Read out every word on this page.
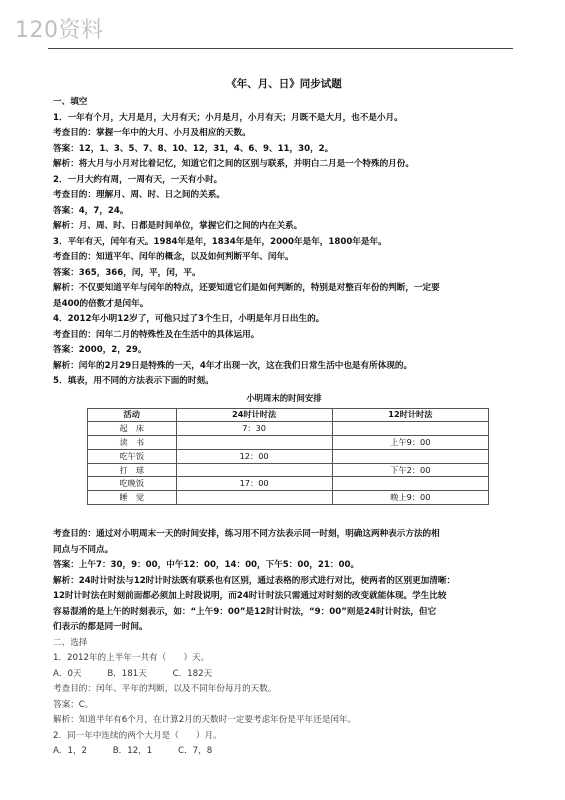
120资料
《年、月、日》同步试题
一、填空
1．一年有个月，大月是月，大月有天；小月是月，小月有天；月既不是大月，也不是小月。
考查目的：掌握一年中的大月、小月及相应的天数。
答案：12，1、3、5、7、8、10、12，31，4、6、9、11，30，2。
解析：将大月与小月对比着记忆，知道它们之间的区别与联系，并明白二月是一个特殊的月份。
2．一月大约有周，一周有天，一天有小时。
考查目的：理解月、周、时、日之间的关系。
答案：4，7，24。
解析：月、周、时、日都是时间单位，掌握它们之间的内在关系。
3．平年有天，闰年有天。1984年是年，1834年是年，2000年是年，1800年是年。
考查目的：知道平年、闰年的概念，以及如何判断平年、闰年。
答案：365，366，闰，平，闰，平。
解析：不仅要知道平年与闰年的特点，还要知道它们是如何判断的，特别是对整百年份的判断，一定要
是400的倍数才是闰年。
4．2012年小明12岁了，可他只过了3个生日，小明是年月日出生的。
考查目的：闰年二月的特殊性及在生活中的具体运用。
答案：2000，2，29。
解析：闰年的2月29日是特殊的一天，4年才出现一次，这在我们日常生活中也是有所体现的。
5．填表，用不同的方法表示下面的时刻。
小明周末的时间安排
活动	24时计时法	12时计时法
起　床	7：30	
读　书		上午9：00
吃午饭	12：00	
打　球		下午2：00
吃晚饭	17：00	
睡　觉		晚上9：00
考查目的：通过对小明周末一天的时间安排，练习用不同方法表示同一时刻，明确这两种表示方法的相
同点与不同点。
答案：上午7：30，9：00，中午12：00，14：00，下午5：00，21：00。
解析：24时计时法与12时计时法既有联系也有区别，通过表格的形式进行对比，使两者的区别更加清晰：
12时计时法在时刻前面都必须加上时段说明，而24时计时法只需通过对时刻的改变就能体现。学生比较
容易混淆的是上午的时刻表示，如：“上午9：00”是12时计时法，“9：00”则是24时计时法，但它
们表示的都是同一时间。
二、选择
1．2012年的上半年一共有（　　）天。
A．0天　　　B．181天　　　C．182天
考查目的：闰年、平年的判断，以及不同年份每月的天数。
答案：C。
解析：知道半年有6个月，在计算2月的天数时一定要考虑年份是平年还是闰年。
2．同一年中连续的两个大月是（　　）月。
A．1，2　　　B．12，1　　　C．7，8
